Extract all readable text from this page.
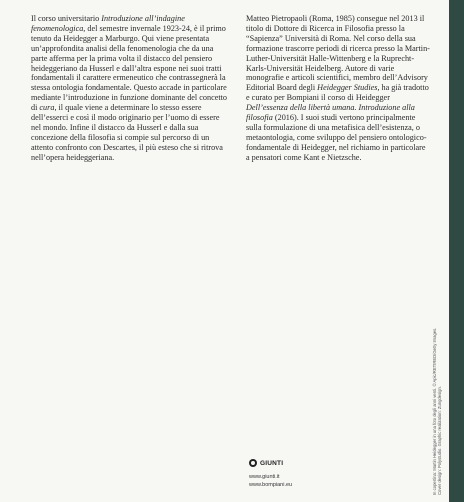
Il corso universitario Introduzione all’indagine fenomenologica, del semestre invernale 1923-24, è il primo tenuto da Heidegger a Marburgo. Qui viene presentata un’approfondita analisi della fenomenologia che da una parte afferma per la prima volta il distacco del pensiero heideggeriano da Husserl e dall’altra espone nei suoi tratti fondamentali il carattere ermeneutico che contrassegnerà la stessa ontologia fondamentale. Questo accade in particolare mediante l’introduzione in funzione dominante del concetto di cura, il quale viene a determinare lo stesso essere dell’esserci e così il modo originario per l’uomo di essere nel mondo. Infine il distacco da Husserl e dalla sua concezione della filosofia si compie sul percorso di un attento confronto con Descartes, il più esteso che si ritrova nell’opera heideggeriana.

Matteo Pietropaoli (Roma, 1985) consegue nel 2013 il titolo di Dottore di Ricerca in Filosofia presso la “Sapienza” Università di Roma. Nel corso della sua formazione trascorre periodi di ricerca presso la Martin-Luther-Universität Halle-Wittenberg e la Ruprecht-Karls-Universität Heidelberg. Autore di varie monografie e articoli scientifici, membro dell’Advisory Editorial Board degli Heidegger Studies, ha già tradotto e curato per Bompiani il corso di Heidegger Dell’essenza della libertà umana. Introduzione alla filosofia (2016). I suoi studi vertono principalmente sulla formulazione di una metafisica dell’esistenza, o metaontologia, come sviluppo del pensiero ontologico-fondamentale di Heidegger, nel richiamo in particolare a pensatori come Kant e Nietzsche.

In copertina: Martin Heidegger in una foto degli anni venti. © Apic/RETIRED/Getty Images. Cover design: Polystudio. Graphic realization: Zungdesign.
GIUNTI
www.giunti.it
www.bompiani.eu
